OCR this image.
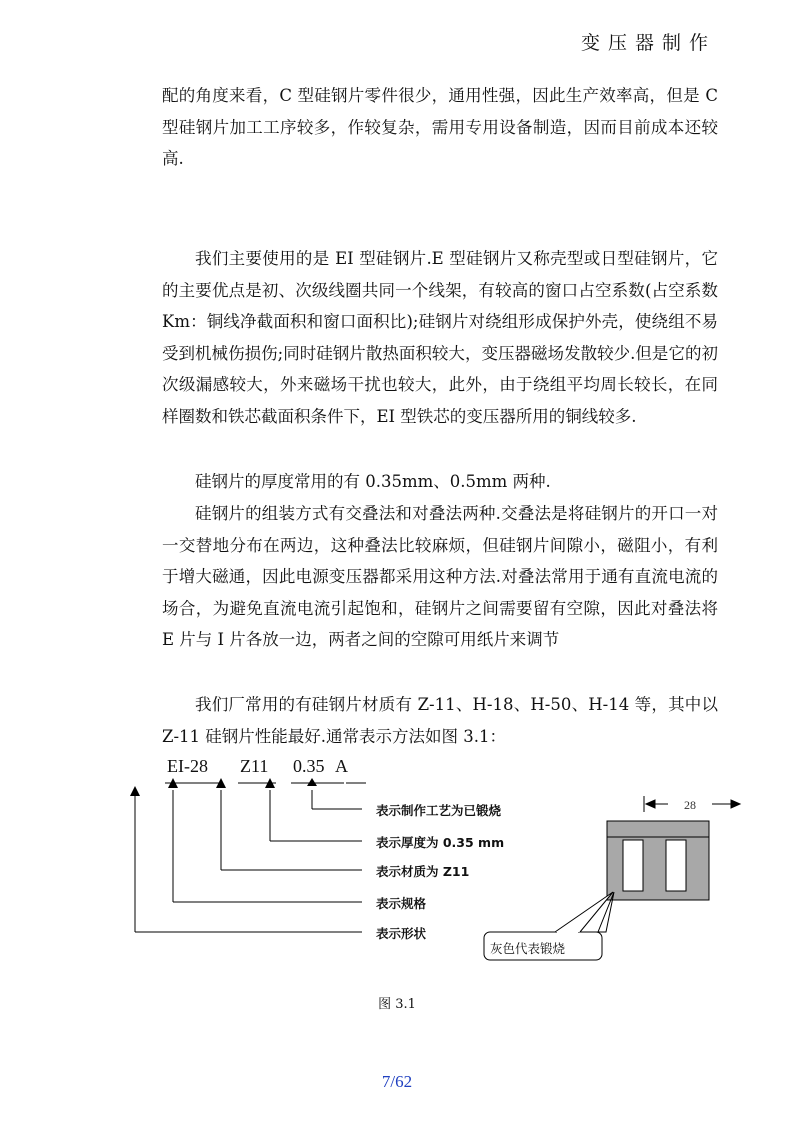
变压器制作

配的角度来看，C 型硅钢片零件很少，通用性强，因此生产效率高，但是 C 型硅钢片加工工序较多，作较复杂，需用专用设备制造，因而目前成本还较高.

我们主要使用的是 EI 型硅钢片.E 型硅钢片又称壳型或日型硅钢片，它的主要优点是初、次级线圈共同一个线架，有较高的窗口占空系数(占空系数 Km：铜线净截面积和窗口面积比);硅钢片对绕组形成保护外壳，使绕组不易受到机械伤损伤;同时硅钢片散热面积较大，变压器磁场发散较少.但是它的初次级漏感较大，外来磁场干扰也较大，此外，由于绕组平均周长较长，在同样圈数和铁芯截面积条件下，EI 型铁芯的变压器所用的铜线较多.

硅钢片的厚度常用的有 0.35mm、0.5mm 两种.

硅钢片的组装方式有交叠法和对叠法两种.交叠法是将硅钢片的开口一对一交替地分布在两边，这种叠法比较麻烦，但硅钢片间隙小，磁阻小，有利于增大磁通，因此电源变压器都采用这种方法.对叠法常用于通有直流电流的场合，为避免直流电流引起饱和，硅钢片之间需要留有空隙，因此对叠法将 E 片与 I 片各放一边，两者之间的空隙可用纸片来调节

我们厂常用的有硅钢片材质有 Z-11、H-18、H-50、H-14 等，其中以 Z-11 硅钢片性能最好.通常表示方法如图 3.1：

EI-28 Z11 0.35 A
表示制作工艺为已锻烧
表示厚度为 0.35 mm
表示材质为 Z11
表示规格
表示形状
28
灰色代表锻烧
图 3.1
7/62
